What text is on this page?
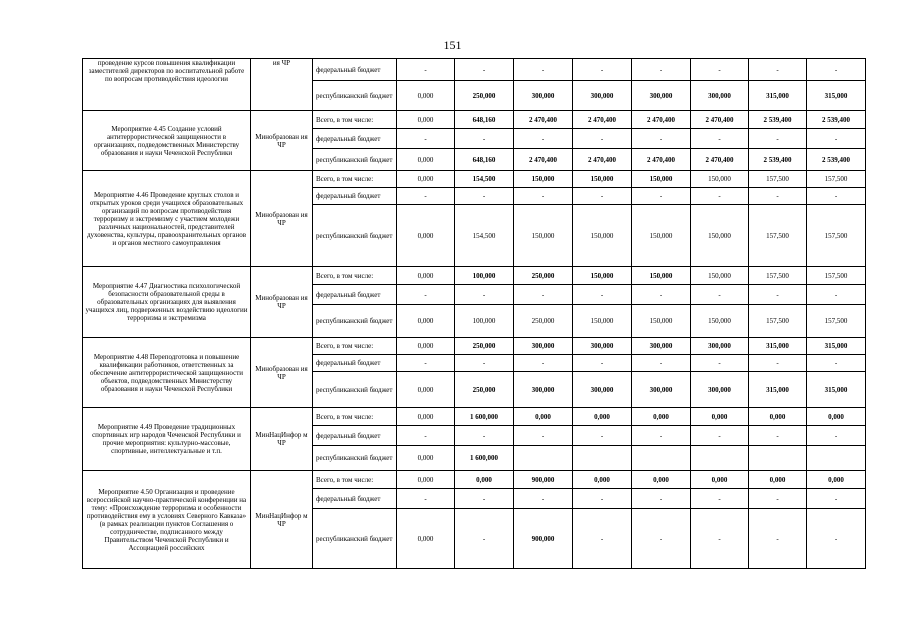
151
проведение курсов повышения квалификации заместителей директоров по воспитательной работе по вопросам противодействия идеологии	ия ЧР	федеральный бюджет	-	-	-	-	-	-	-	-
		республиканский бюджет	0,000	250,000	300,000	300,000	300,000	300,000	315,000	315,000
Мероприятие 4.45 Создание условий антитеррористической защищенности в организациях, подведомственных Министерству образования и науки Чеченской Республики	Минобразован ия ЧР	Всего, в том числе:	0,000	648,160	2 470,400	2 470,400	2 470,400	2 470,400	2 539,400	2 539,400
		федеральный бюджет	-	-	-	-	-	-	-	-
		республиканский бюджет	0,000	648,160	2 470,400	2 470,400	2 470,400	2 470,400	2 539,400	2 539,400
Мероприятие 4.46 Проведение круглых столов и открытых уроков среди учащихся образовательных организаций по вопросам противодействия терроризму и экстремизму с участием молодежи различных национальностей, представителей духовенства, культуры, правоохранительных органов и органов местного самоуправления	Минобразован ия ЧР	Всего, в том числе:	0,000	154,500	150,000	150,000	150,000	150,000	157,500	157,500
		федеральный бюджет	-	-	-	-	-	-	-	-
		республиканский бюджет	0,000	154,500	150,000	150,000	150,000	150,000	157,500	157,500
Мероприятие 4.47 Диагностика психологической безопасности образовательной среды в образовательных организациях для выявления учащихся лиц, подверженных воздействию идеологии терроризма и экстремизма	Минобразован ия ЧР	Всего, в том числе:	0,000	100,000	250,000	150,000	150,000	150,000	157,500	157,500
		федеральный бюджет	-	-	-	-	-	-	-	-
		республиканский бюджет	0,000	100,000	250,000	150,000	150,000	150,000	157,500	157,500
Мероприятие 4.48 Переподготовка и повышение квалификации работников, ответственных за обеспечение антитеррористической защищенности объектов, подведомственных Министерству образования и науки Чеченской Республики	Минобразован ия ЧР	Всего, в том числе:	0,000	250,000	300,000	300,000	300,000	300,000	315,000	315,000
		федеральный бюджет	-	-	-	-	-	-	-	-
		республиканский бюджет	0,000	250,000	300,000	300,000	300,000	300,000	315,000	315,000
Мероприятие 4.49 Проведение традиционных спортивных игр народов Чеченской Республики и прочие мероприятия: культурно-массовые, спортивные, интеллектуальные и т.п.	МинНацИнфор м ЧР	Всего, в том числе:	0,000	1 600,000	0,000	0,000	0,000	0,000	0,000	0,000
		федеральный бюджет	-	-	-	-	-	-	-	-
		республиканский бюджет	0,000	1 600,000						
Мероприятие 4.50 Организация и проведение всероссийской научно-практической конференции на тему: «Происхождение терроризма и особенности противодействия ему в условиях Северного Кавказа» (в рамках реализации пунктов Соглашения о сотрудничестве, подписанного между Правительством Чеченской Республики и Ассоциацией российских	МинНацИнфор м ЧР	Всего, в том числе:	0,000	0,000	900,000	0,000	0,000	0,000	0,000	0,000
		федеральный бюджет	-	-	-	-	-	-	-	-
		республиканский бюджет	0,000	-	900,000	-	-	-	-	-
